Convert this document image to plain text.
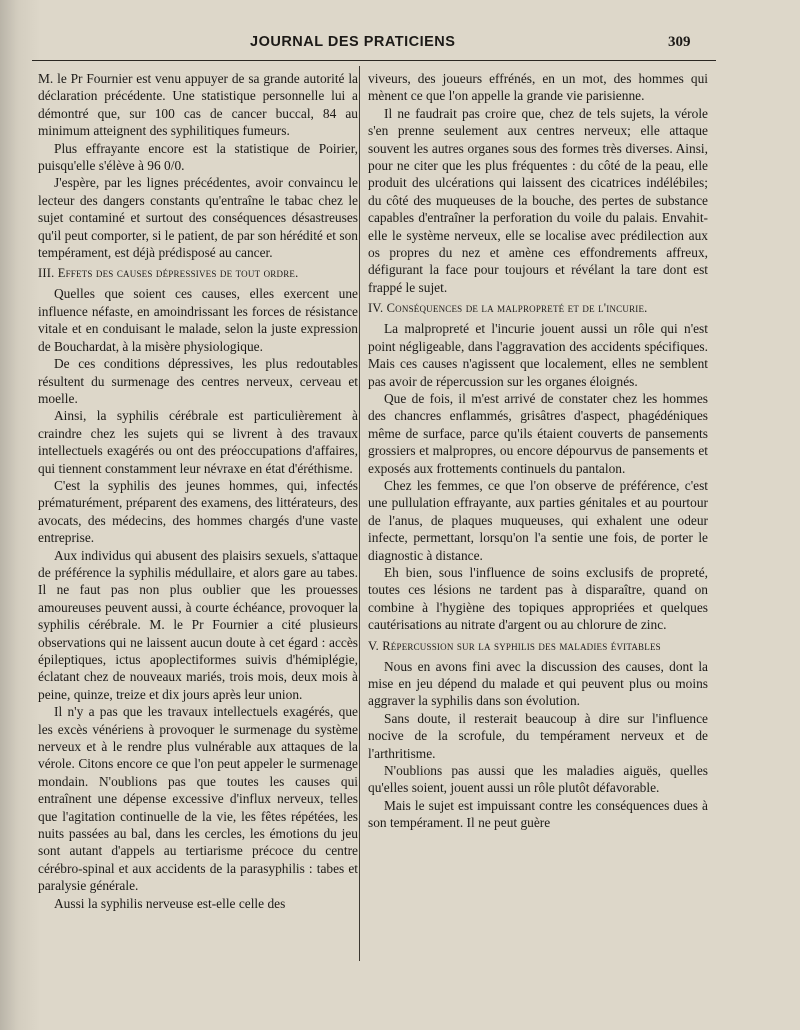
JOURNAL DES PRATICIENS	309

M. le Pr Fournier est venu appuyer de sa grande autorité la déclaration précédente. Une statistique personnelle lui a démontré que, sur 100 cas de cancer buccal, 84 au minimum atteignent des syphilitiques fumeurs.

Plus effrayante encore est la statistique de Poirier, puisqu'elle s'élève à 96 0/0.

J'espère, par les lignes précédentes, avoir convaincu le lecteur des dangers constants qu'entraîne le tabac chez le sujet contaminé et surtout des conséquences désastreuses qu'il peut comporter, si le patient, de par son hérédité et son tempérament, est déjà prédisposé au cancer.

III. Effets des causes dépressives de tout ordre.

Quelles que soient ces causes, elles exercent une influence néfaste, en amoindrissant les forces de résistance vitale et en conduisant le malade, selon la juste expression de Bouchardat, à la misère physiologique.

De ces conditions dépressives, les plus redoutables résultent du surmenage des centres nerveux, cerveau et moelle.

Ainsi, la syphilis cérébrale est particulièrement à craindre chez les sujets qui se livrent à des travaux intellectuels exagérés ou ont des préoccupations d'affaires, qui tiennent constamment leur névraxe en état d'éréthisme.

C'est la syphilis des jeunes hommes, qui, infectés prématurément, préparent des examens, des littérateurs, des avocats, des médecins, des hommes chargés d'une vaste entreprise.

Aux individus qui abusent des plaisirs sexuels, s'attaque de préférence la syphilis médullaire, et alors gare au tabes. Il ne faut pas non plus oublier que les prouesses amoureuses peuvent aussi, à courte échéance, provoquer la syphilis cérébrale. M. le Pr Fournier a cité plusieurs observations qui ne laissent aucun doute à cet égard : accès épileptiques, ictus apoplectiformes suivis d'hémiplégie, éclatant chez de nouveaux mariés, trois mois, deux mois à peine, quinze, treize et dix jours après leur union.

Il n'y a pas que les travaux intellectuels exagérés, que les excès vénériens à provoquer le surmenage du système nerveux et à le rendre plus vulnérable aux attaques de la vérole. Citons encore ce que l'on peut appeler le surmenage mondain. N'oublions pas que toutes les causes qui entraînent une dépense excessive d'influx nerveux, telles que l'agitation continuelle de la vie, les fêtes répétées, les nuits passées au bal, dans les cercles, les émotions du jeu sont autant d'appels au tertiarisme précoce du centre cérébro-spinal et aux accidents de la parasyphilis : tabes et paralysie générale.

Aussi la syphilis nerveuse est-elle celle des

viveurs, des joueurs effrénés, en un mot, des hommes qui mènent ce que l'on appelle la grande vie parisienne.

Il ne faudrait pas croire que, chez de tels sujets, la vérole s'en prenne seulement aux centres nerveux; elle attaque souvent les autres organes sous des formes très diverses. Ainsi, pour ne citer que les plus fréquentes : du côté de la peau, elle produit des ulcérations qui laissent des cicatrices indélébiles; du côté des muqueuses de la bouche, des pertes de substance capables d'entraîner la perforation du voile du palais. Envahit-elle le système nerveux, elle se localise avec prédilection aux os propres du nez et amène ces effondrements affreux, défigurant la face pour toujours et révélant la tare dont est frappé le sujet.

IV. Conséquences de la malpropreté et de l'incurie.

La malpropreté et l'incurie jouent aussi un rôle qui n'est point négligeable, dans l'aggravation des accidents spécifiques. Mais ces causes n'agissent que localement, elles ne semblent pas avoir de répercussion sur les organes éloignés.

Que de fois, il m'est arrivé de constater chez les hommes des chancres enflammés, grisâtres d'aspect, phagédéniques même de surface, parce qu'ils étaient couverts de pansements grossiers et malpropres, ou encore dépourvus de pansements et exposés aux frottements continuels du pantalon.

Chez les femmes, ce que l'on observe de préférence, c'est une pullulation effrayante, aux parties génitales et au pourtour de l'anus, de plaques muqueuses, qui exhalent une odeur infecte, permettant, lorsqu'on l'a sentie une fois, de porter le diagnostic à distance.

Eh bien, sous l'influence de soins exclusifs de propreté, toutes ces lésions ne tardent pas à disparaître, quand on combine à l'hygiène des topiques appropriées et quelques cautérisations au nitrate d'argent ou au chlorure de zinc.

V. Répercussion sur la syphilis des maladies évitables

Nous en avons fini avec la discussion des causes, dont la mise en jeu dépend du malade et qui peuvent plus ou moins aggraver la syphilis dans son évolution.

Sans doute, il resterait beaucoup à dire sur l'influence nocive de la scrofule, du tempérament nerveux et de l'arthritisme.

N'oublions pas aussi que les maladies aiguës, quelles qu'elles soient, jouent aussi un rôle plutôt défavorable.

Mais le sujet est impuissant contre les conséquences dues à son tempérament. Il ne peut guère
